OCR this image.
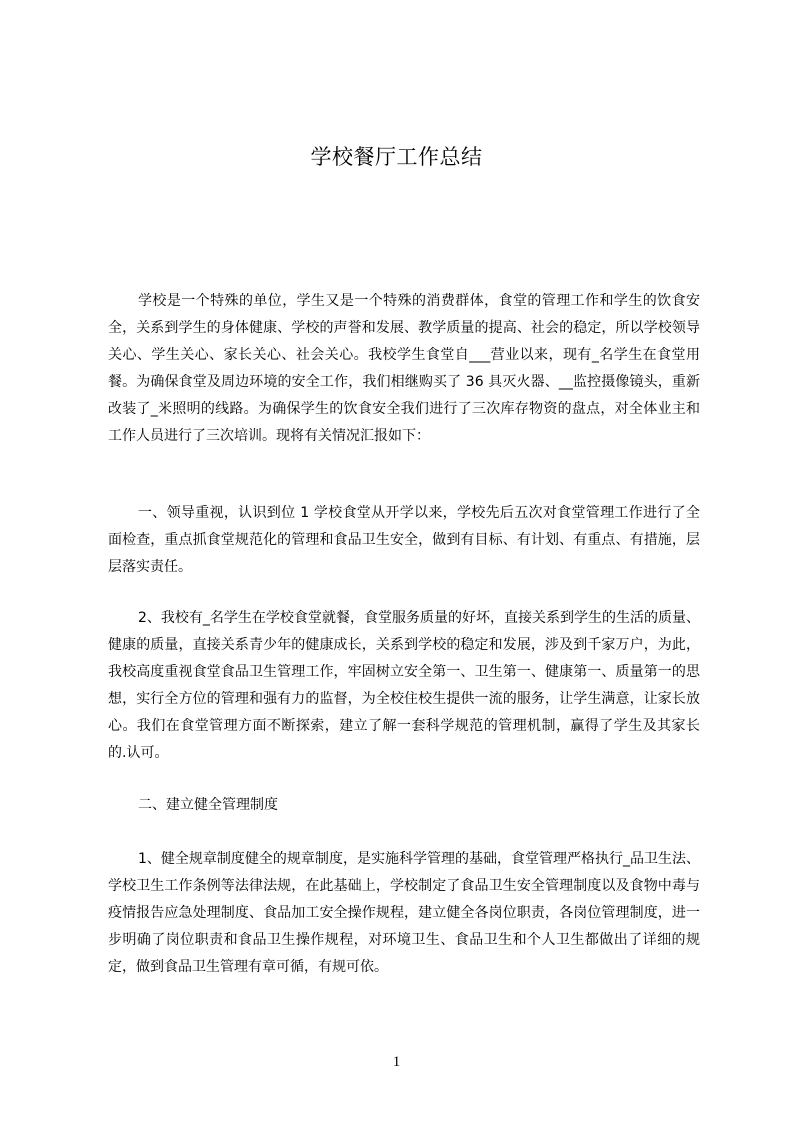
学校餐厅工作总结

学校是一个特殊的单位，学生又是一个特殊的消费群体，食堂的管理工作和学生的饮食安全，关系到学生的身体健康、学校的声誉和发展、教学质量的提高、社会的稳定，所以学校领导关心、学生关心、家长关心、社会关心。我校学生食堂自___营业以来，现有_名学生在食堂用餐。为确保食堂及周边环境的安全工作，我们相继购买了 36 具灭火器、__监控摄像镜头，重新改装了_米照明的线路。为确保学生的饮食安全我们进行了三次库存物资的盘点，对全体业主和工作人员进行了三次培训。现将有关情况汇报如下：

一、领导重视，认识到位 1 学校食堂从开学以来，学校先后五次对食堂管理工作进行了全面检查，重点抓食堂规范化的管理和食品卫生安全，做到有目标、有计划、有重点、有措施，层层落实责任。

2、我校有_名学生在学校食堂就餐，食堂服务质量的好坏，直接关系到学生的生活的质量、健康的质量，直接关系青少年的健康成长，关系到学校的稳定和发展，涉及到千家万户，为此，我校高度重视食堂食品卫生管理工作，牢固树立安全第一、卫生第一、健康第一、质量第一的思想，实行全方位的管理和强有力的监督，为全校住校生提供一流的服务，让学生满意，让家长放心。我们在食堂管理方面不断探索，建立了解一套科学规范的管理机制，赢得了学生及其家长的.认可。

二、建立健全管理制度

1、健全规章制度健全的规章制度，是实施科学管理的基础，食堂管理严格执行_品卫生法、学校卫生工作条例等法律法规，在此基础上，学校制定了食品卫生安全管理制度以及食物中毒与疫情报告应急处理制度、食品加工安全操作规程，建立健全各岗位职责，各岗位管理制度，进一步明确了岗位职责和食品卫生操作规程，对环境卫生、食品卫生和个人卫生都做出了详细的规定，做到食品卫生管理有章可循，有规可依。

1
